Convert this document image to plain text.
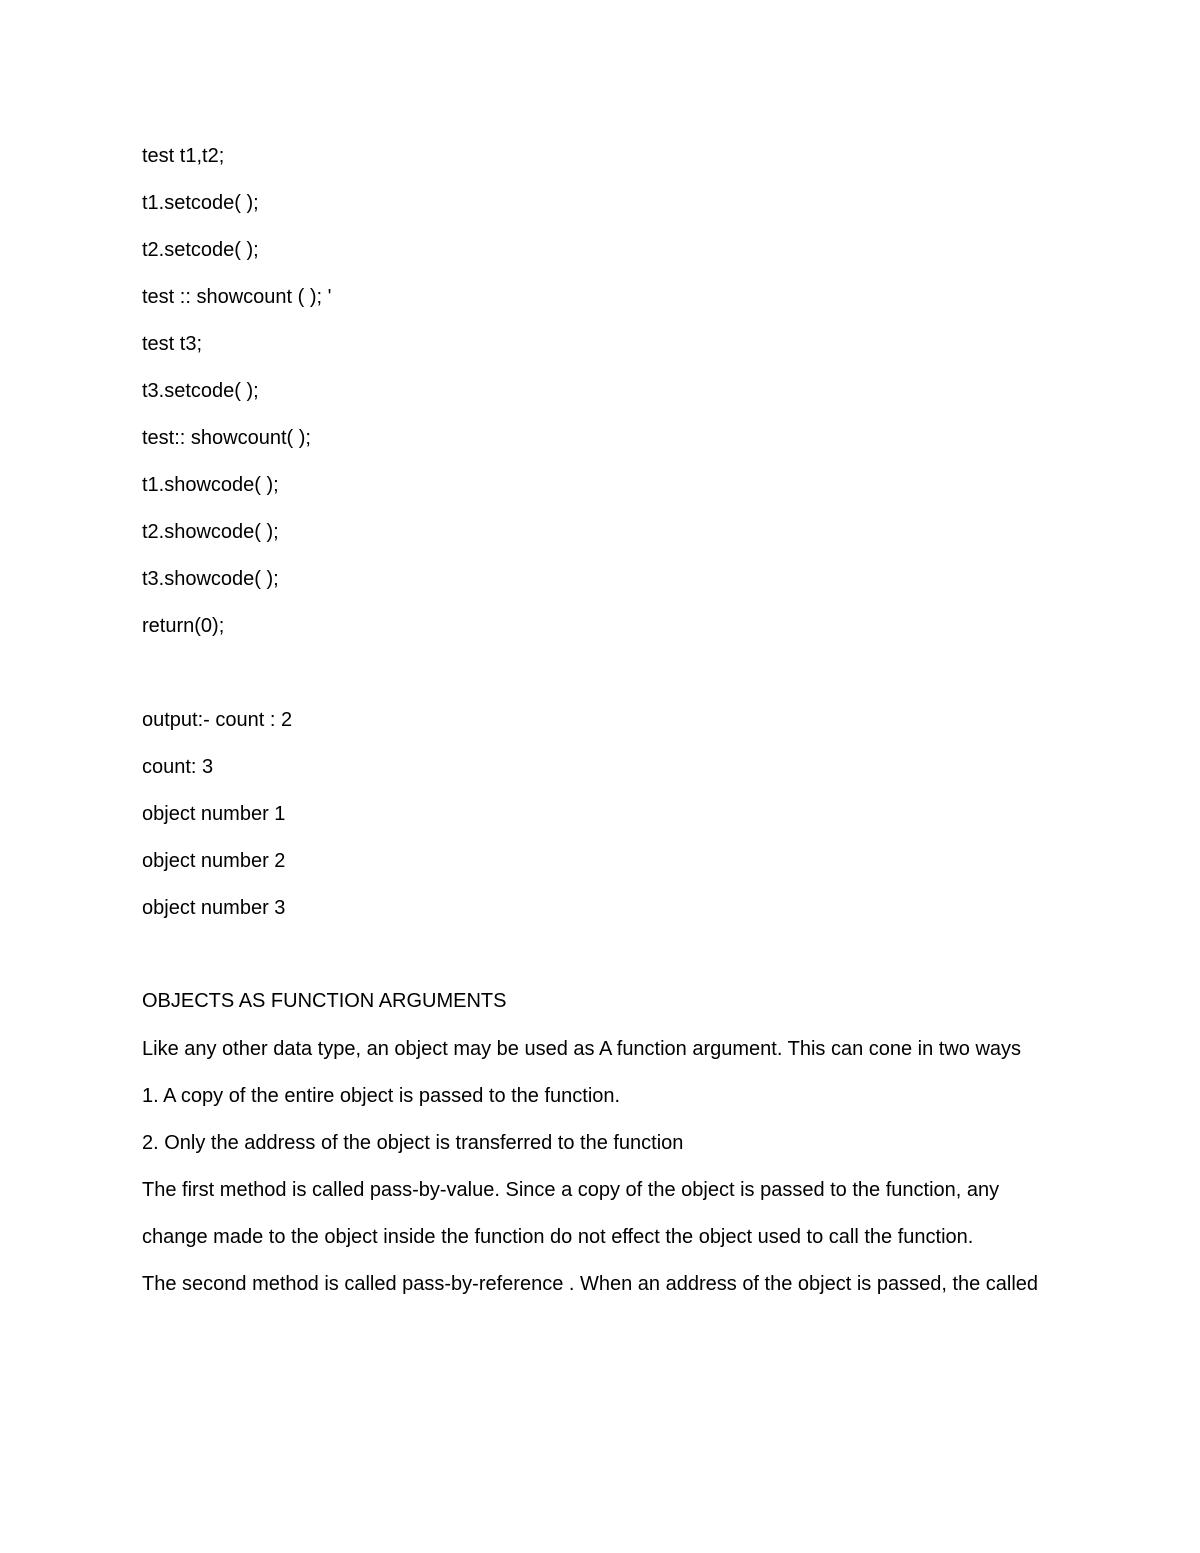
test t1,t2;
t1.setcode( );
t2.setcode( );
test :: showcount ( ); '
test t3;
t3.setcode( );
test:: showcount( );
t1.showcode( );
t2.showcode( );
t3.showcode( );
return(0);
output:- count : 2
count: 3
object number 1
object number 2
object number 3
OBJECTS AS FUNCTION ARGUMENTS
Like any other data type, an object may be used as A function argument. This can cone in two ways
1. A copy of the entire object is passed to the function.
2. Only the address of the object is transferred to the function
The first method is called pass-by-value. Since a copy of the object is passed to the function, any
change made to the object inside the function do not effect the object used to call the function.
The second method is called pass-by-reference . When an address of the object is passed, the called
